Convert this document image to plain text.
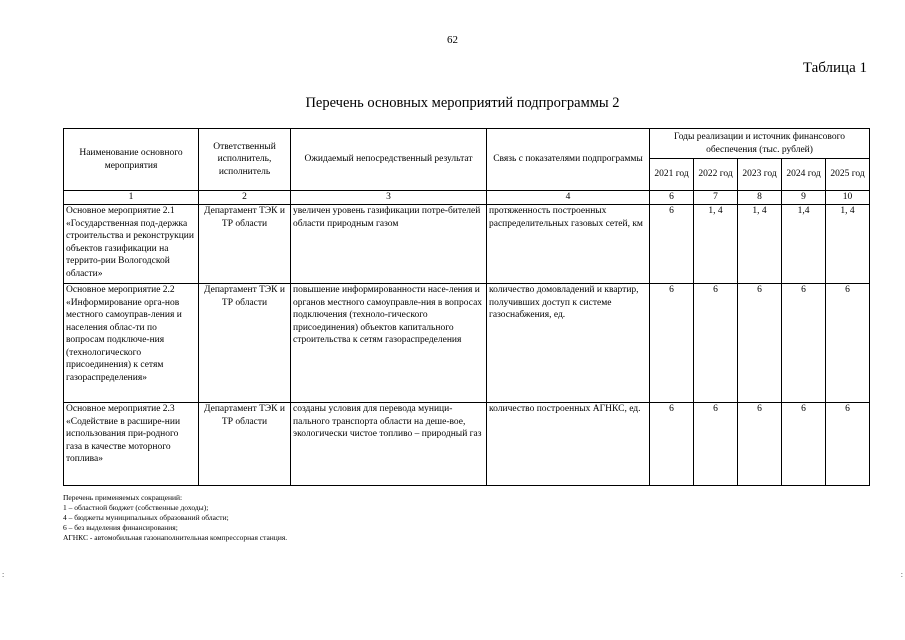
62
Таблица 1
Перечень основных мероприятий подпрограммы 2
Наименование основного мероприятия	Ответственный исполнитель, исполнитель	Ожидаемый непосредственный результат	Связь с показателями подпрограммы	Годы реализации и источник финансового обеспечения (тыс. рублей)				
				2021 год	2022 год	2023 год	2024 год	2025 год
1	2	3	4	6	7	8	9	10
Основное мероприятие 2.1 «Государственная под-держка строительства и реконструкции объектов газификации на террито-рии Вологодской области»	Департамент ТЭК и ТР области	увеличен уровень газификации потре-бителей области природным газом	протяженность построенных распределительных газовых сетей, км	6	1, 4	1, 4	1,4	1, 4
Основное мероприятие 2.2 «Информирование орга-нов местного самоуправ-ления и населения облас-ти по вопросам подключе-ния (технологического присоединения) к сетям газораспределения»	Департамент ТЭК и ТР области	повышение информированности насе-ления и органов местного самоуправле-ния в вопросах подключения (техноло-гического присоединения) объектов капитального строительства к сетям газораспределения	количество домовладений и квартир, получивших доступ к системе газоснабжения, ед.	6	6	6	6	6
Основное мероприятие 2.3 «Содействие в расшире-нии использования при-родного газа в качестве моторного топлива»	Департамент ТЭК и ТР области	созданы условия для перевода муници-пального транспорта области на деше-вое, экологически чистое топливо – природный газ	количество построенных АГНКС, ед.	6	6	6	6	6
Перечень применяемых сокращений:
1 – областной бюджет (собственные доходы);
4 – бюджеты муниципальных образований области;
6 – без выделения финансирования;
АГНКС - автомобильная газонаполнительная компрессорная станция.
:	:
